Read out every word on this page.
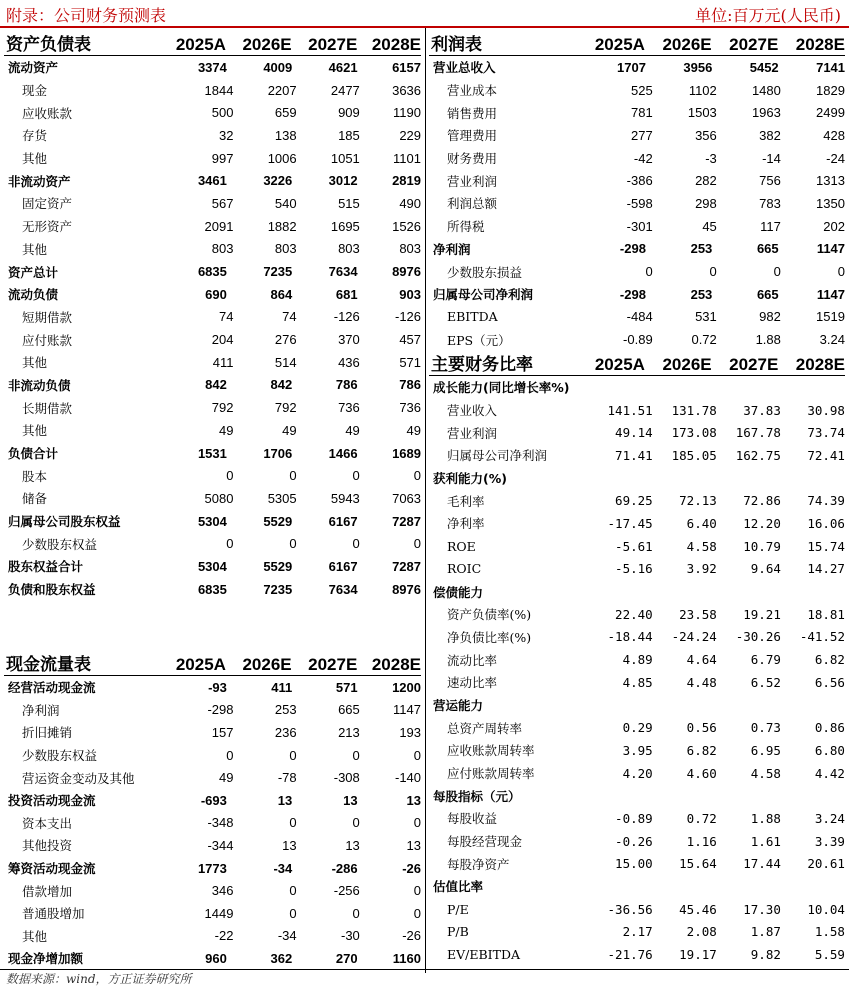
附录：公司财务预测表	单位:百万元(人民币)
资产负债表	2025A 2026E 2027E 2028E
流动资产	3374	4009	4621	6157
现金	1844	2207	2477	3636
应收账款	500	659	909	1190
存货	32	138	185	229
其他	997	1006	1051	1101
非流动资产	3461	3226	3012	2819
固定资产	567	540	515	490
无形资产	2091	1882	1695	1526
其他	803	803	803	803
资产总计	6835	7235	7634	8976
流动负债	690	864	681	903
短期借款	74	74	-126	-126
应付账款	204	276	370	457
其他	411	514	436	571
非流动负债	842	842	786	786
长期借款	792	792	736	736
其他	49	49	49	49
负债合计	1531	1706	1466	1689
股本	0	0	0	0
储备	5080	5305	5943	7063
归属母公司股东权益	5304	5529	6167	7287
少数股东权益	0	0	0	0
股东权益合计	5304	5529	6167	7287
负债和股东权益	6835	7235	7634	8976
现金流量表	2025A 2026E 2027E 2028E
经营活动现金流	-93	411	571	1200
净利润	-298	253	665	1147
折旧摊销	157	236	213	193
少数股东权益	0	0	0	0
营运资金变动及其他	49	-78	-308	-140
投资活动现金流	-693	13	13	13
资本支出	-348	0	0	0
其他投资	-344	13	13	13
筹资活动现金流	1773	-34	-286	-26
借款增加	346	0	-256	0
普通股增加	1449	0	0	0
其他	-22	-34	-30	-26
现金净增加额	960	362	270	1160
利润表	2025A	2026E	2027E	2028E
营业总收入	1707	3956	5452	7141
营业成本	525	1102	1480	1829
销售费用	781	1503	1963	2499
管理费用	277	356	382	428
财务费用	-42	-3	-14	-24
营业利润	-386	282	756	1313
利润总额	-598	298	783	1350
所得税	-301	45	117	202
净利润	-298	253	665	1147
少数股东损益	0	0	0	0
归属母公司净利润	-298	253	665	1147
EBITDA	-484	531	982	1519
EPS（元）	-0.89	0.72	1.88	3.24
主要财务比率	2025A	2026E	2027E	2028E
成长能力(同比增长率%)
营业收入	141.51	131.78	37.83	30.98
营业利润	49.14	173.08	167.78	73.74
归属母公司净利润	71.41	185.05	162.75	72.41
获利能力(%)
毛利率	69.25	72.13	72.86	74.39
净利率	-17.45	6.40	12.20	16.06
ROE	-5.61	4.58	10.79	15.74
ROIC	-5.16	3.92	9.64	14.27
偿债能力
资产负债率(%)	22.40	23.58	19.21	18.81
净负债比率(%)	-18.44	-24.24	-30.26	-41.52
流动比率	4.89	4.64	6.79	6.82
速动比率	4.85	4.48	6.52	6.56
营运能力
总资产周转率	0.29	0.56	0.73	0.86
应收账款周转率	3.95	6.82	6.95	6.80
应付账款周转率	4.20	4.60	4.58	4.42
每股指标（元）
每股收益	-0.89	0.72	1.88	3.24
每股经营现金	-0.26	1.16	1.61	3.39
每股净资产	15.00	15.64	17.44	20.61
估值比率
P/E	-36.56	45.46	17.30	10.04
P/B	2.17	2.08	1.87	1.58
EV/EBITDA	-21.76	19.17	9.82	5.59
数据来源：wind，方正证券研究所
